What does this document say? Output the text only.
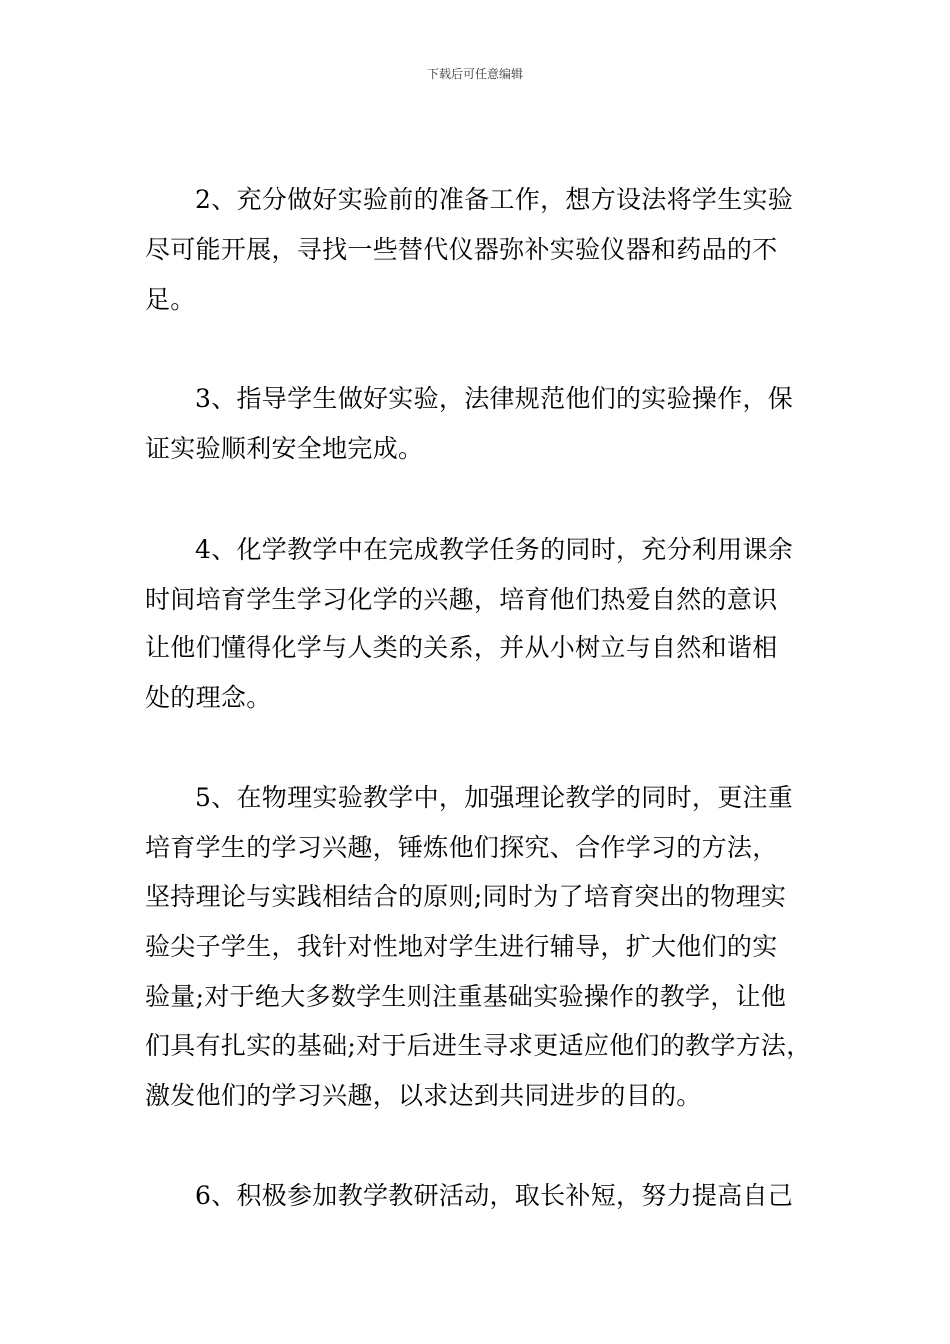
下载后可任意编辑
2、充分做好实验前的准备工作，想方设法将学生实验
尽可能开展，寻找一些替代仪器弥补实验仪器和药品的不
足。
3、指导学生做好实验，法律规范他们的实验操作，保
证实验顺利安全地完成。
4、化学教学中在完成教学任务的同时，充分利用课余
时间培育学生学习化学的兴趣，培育他们热爱自然的意识
让他们懂得化学与人类的关系，并从小树立与自然和谐相
处的理念。
5、在物理实验教学中，加强理论教学的同时，更注重
培育学生的学习兴趣，锤炼他们探究、合作学习的方法，
坚持理论与实践相结合的原则;同时为了培育突出的物理实
验尖子学生，我针对性地对学生进行辅导，扩大他们的实
验量;对于绝大多数学生则注重基础实验操作的教学，让他
们具有扎实的基础;对于后进生寻求更适应他们的教学方法，
激发他们的学习兴趣，以求达到共同进步的目的。
6、积极参加教学教研活动，取长补短，努力提高自己
